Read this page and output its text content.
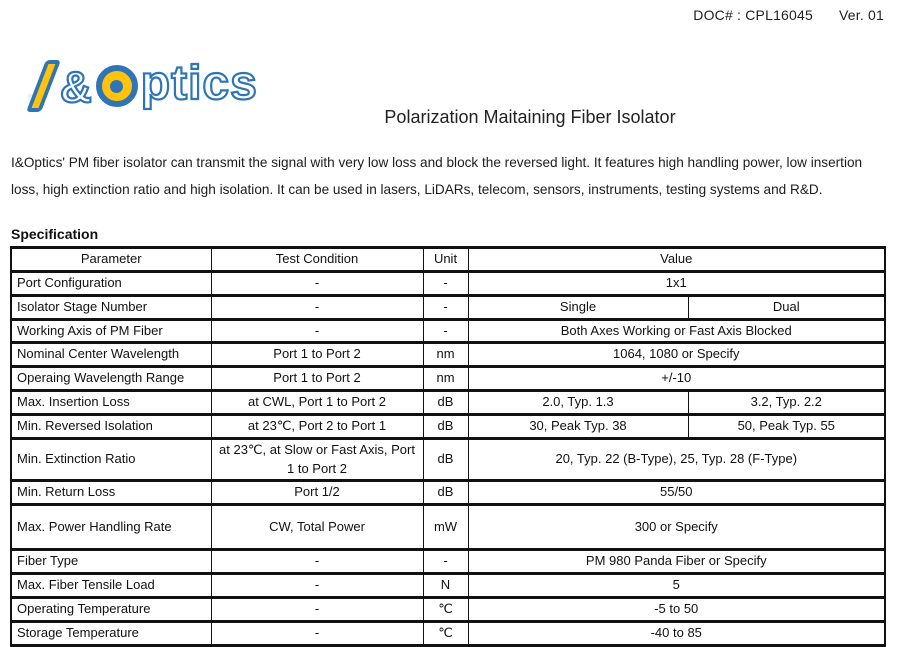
DOC# : CPL16045 Ver. 01
& ptics
Polarization Maitaining Fiber Isolator
I&Optics' PM fiber isolator can transmit the signal with very low loss and block the reversed light. It features high handling power, low insertion loss, high extinction ratio and high isolation. It can be used in lasers, LiDARs, telecom, sensors, instruments, testing systems and R&D.
Specification
Parameter	Test Condition	Unit	Value	
Port Configuration	-	-	1x1	
Isolator Stage Number	-	-	Single	Dual
Working Axis of PM Fiber	-	-	Both Axes Working or Fast Axis Blocked	
Nominal Center Wavelength	Port 1 to Port 2	nm	1064, 1080 or Specify	
Operaing Wavelength Range	Port 1 to Port 2	nm	+/-10	
Max. Insertion Loss	at CWL, Port 1 to Port 2	dB	2.0, Typ. 1.3	3.2, Typ. 2.2
Min. Reversed Isolation	at 23℃, Port 2 to Port 1	dB	30, Peak Typ. 38	50, Peak Typ. 55
Min. Extinction Ratio	at 23℃, at Slow or Fast Axis, Port 1 to Port 2	dB	20, Typ. 22 (B-Type), 25, Typ. 28 (F-Type)	
Min. Return Loss	Port 1/2	dB	55/50	
Max. Power Handling Rate	CW, Total Power	mW	300 or Specify	
Fiber Type	-	-	PM 980 Panda Fiber or Specify	
Max. Fiber Tensile Load	-	N	5	
Operating Temperature	-	℃	-5 to 50	
Storage Temperature	-	℃	-40 to 85	
